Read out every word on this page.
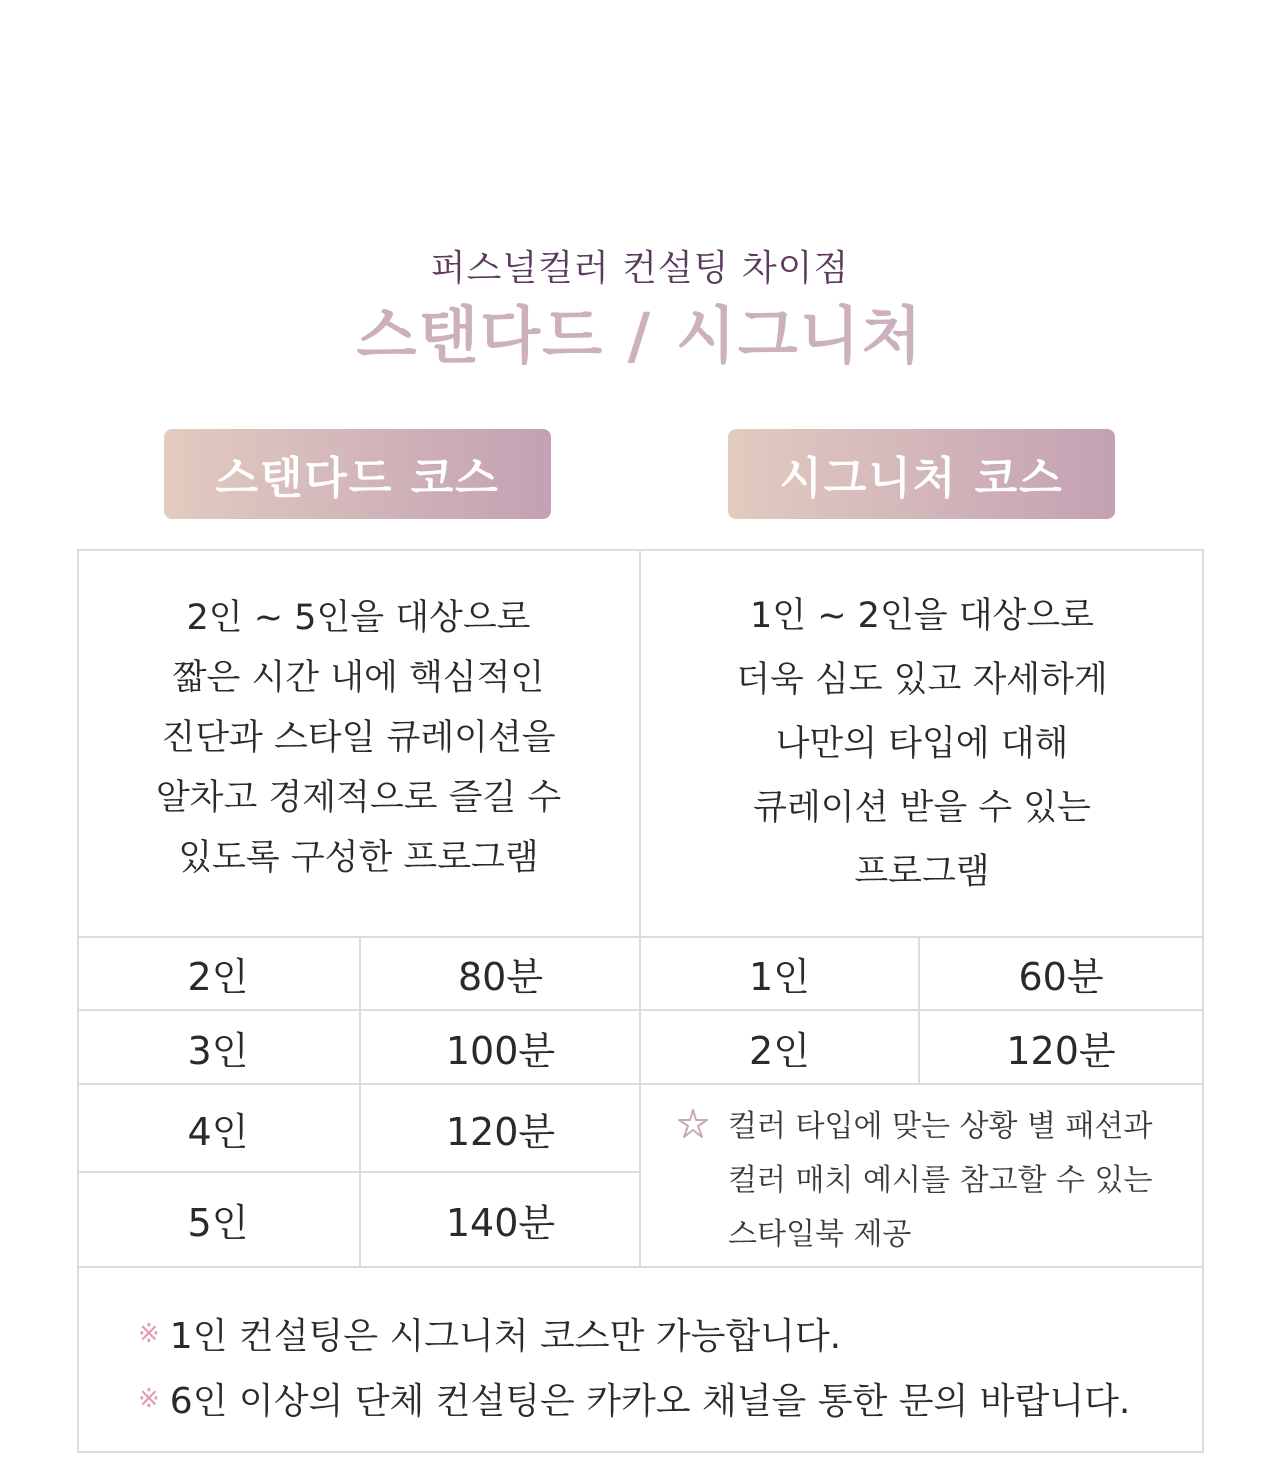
퍼스널컬러 컨설팅 차이점
스탠다드 / 시그니처
스탠다드 코스	시그니처 코스
2인 ~ 5인을 대상으로
짧은 시간 내에 핵심적인
진단과 스타일 큐레이션을
알차고 경제적으로 즐길 수
있도록 구성한 프로그램
1인 ~ 2인을 대상으로
더욱 심도 있고 자세하게
나만의 타입에 대해
큐레이션 받을 수 있는
프로그램
2인	80분
3인	100분
4인	120분
5인	140분
1인	60분
2인	120분
컬러 타입에 맞는 상황 별 패션과
컬러 매치 예시를 참고할 수 있는
스타일북 제공
※ 1인 컨설팅은 시그니처 코스만 가능합니다.
※ 6인 이상의 단체 컨설팅은 카카오 채널을 통한 문의 바랍니다.
